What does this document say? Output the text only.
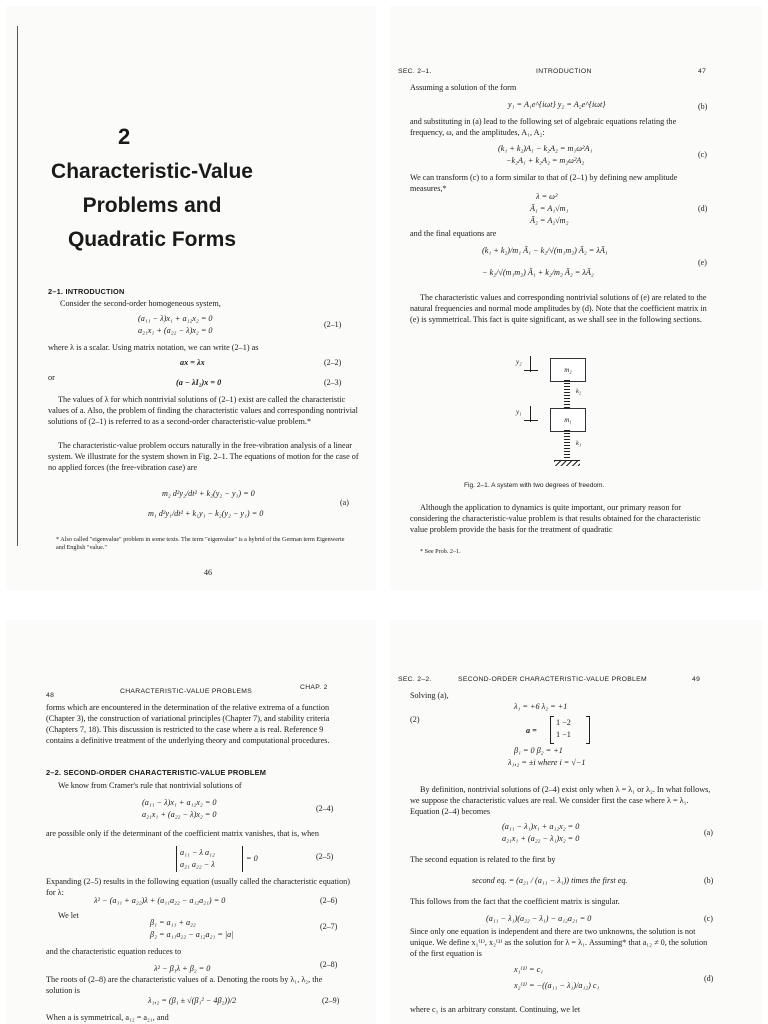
2
Characteristic-Value
Problems and
Quadratic Forms
2–1. INTRODUCTION
Consider the second-order homogeneous system,
(a₁₁ − λ)x₁ + a₁₂x₂ = 0
a₂₁x₁ + (a₂₂ − λ)x₂ = 0
(2–1)
where λ is a scalar. Using matrix notation, we can write (2–1) as
ax = λx	(2–2)
or
(a − λI₂)x = 0	(2–3)
The values of λ for which nontrivial solutions of (2–1) exist are called the characteristic values of a. Also, the problem of finding the characteristic values and corresponding nontrivial solutions of (2–1) is referred to as a second-order characteristic-value problem.*
The characteristic-value problem occurs naturally in the free-vibration analysis of a linear system. We illustrate for the system shown in Fig. 2–1. The equations of motion for the case of no applied forces (the free-vibration case) are
m₂ d²y₂/dt² + k₂(y₂ − y₁) = 0
m₁ d²y₁/dt² + k₁y₁ − k₂(y₂ − y₁) = 0
(a)
* Also called "eigenvalue" problem in some texts. The term "eigenvalue" is a hybrid of the German term Eigenwerte and English "value."
46
SEC. 2–1.	INTRODUCTION	47
Assuming a solution of the form
y₁ = A₁e^{iωt} y₂ = A₂e^{iωt}	(b)
and substituting in (a) lead to the following set of algebraic equations relating the frequency, ω, and the amplitudes, A₁, A₂:
(k₁ + k₂)A₁ − k₂A₂ = m₁ω²A₁
−k₂A₁ + k₂A₂ = m₂ω²A₂
(c)
We can transform (c) to a form similar to that of (2–1) by defining new amplitude measures,*
λ = ω²
Ā₁ = A₁√m₁
Ā₂ = A₂√m₂
(d)
and the final equations are
(k₁ + k₂)/m₁ Ā₁ − k₂/√(m₁m₂) Ā₂ = λĀ₁
− k₂/√(m₁m₂) Ā₁ + k₂/m₂ Ā₂ = λĀ₂
(e)
The characteristic values and corresponding nontrivial solutions of (e) are related to the natural frequencies and normal mode amplitudes by (d). Note that the coefficient matrix in (e) is symmetrical. This fact is quite significant, as we shall see in the following sections.
y₂
m₂
k₂
y₁
m₁
k₁
Fig. 2–1. A system with two degrees of freedom.
Although the application to dynamics is quite important, our primary reason for considering the characteristic-value problem is that results obtained for the characteristic value problem provide the basis for the treatment of quadratic
* See Prob. 2–1.
48
CHARACTERISTIC-VALUE PROBLEMS
CHAP. 2
forms which are encountered in the determination of the relative extrema of a function (Chapter 3), the construction of variational principles (Chapter 7), and stability criteria (Chapters 7, 18). This discussion is restricted to the case where a is real. Reference 9 contains a definitive treatment of the underlying theory and computational procedures.
2–2. SECOND-ORDER CHARACTERISTIC-VALUE PROBLEM
We know from Cramer's rule that nontrivial solutions of
(a₁₁ − λ)x₁ + a₁₂x₂ = 0
a₂₁x₁ + (a₂₂ − λ)x₂ = 0
(2–4)
are possible only if the determinant of the coefficient matrix vanishes, that is, when
a₁₁ − λ a₁₂
a₂₁ a₂₂ − λ
= 0	(2–5)
Expanding (2–5) results in the following equation (usually called the characteristic equation) for λ:
λ² − (a₁₁ + a₂₂)λ + (a₁₁a₂₂ − a₁₂a₂₁) = 0	(2–6)
We let
β₁ = a₁₁ + a₂₂
β₂ = a₁₁a₂₂ − a₁₂a₂₁ = |a|
(2–7)
and the characteristic equation reduces to
λ² − β₁λ + β₂ = 0	(2–8)
The roots of (2–8) are the characteristic values of a. Denoting the roots by λ₁, λ₂, the solution is
λ₁,₂ = (β₁ ± √(β₁² − 4β₂))/2	(2–9)
When a is symmetrical, a₁₂ = a₂₁, and
SEC. 2–2.	SECOND-ORDER CHARACTERISTIC-VALUE PROBLEM	49
Solving (a),
λ₁ = +6 λ₂ = +1
(2)
a =
1 −2
1 −1
β₁ = 0 β₂ = +1
λ₁,₂ = ±i where i = √−1
By definition, nontrivial solutions of (2–4) exist only when λ = λ₁ or λ₂. In what follows, we suppose the characteristic values are real. We consider first the case where λ = λ₁. Equation (2–4) becomes
(a₁₁ − λ₁)x₁ + a₁₂x₂ = 0
a₂₁x₁ + (a₂₂ − λ₁)x₂ = 0
(a)
The second equation is related to the first by
second eq. = (a₂₁ / (a₁₁ − λ₁)) times the first eq.	(b)
This follows from the fact that the coefficient matrix is singular.
(a₁₁ − λ₁)(a₂₂ − λ₁) − a₁₂a₂₁ = 0	(c)
Since only one equation is independent and there are two unknowns, the solution is not unique. We define x₁⁽¹⁾, x₂⁽¹⁾ as the solution for λ = λ₁. Assuming* that a₁₂ ≠ 0, the solution of the first equation is
x₁⁽¹⁾ = c₁
x₂⁽¹⁾ = −((a₁₁ − λ₁)/a₁₂) c₁
(d)
where c₁ is an arbitrary constant. Continuing, we let
